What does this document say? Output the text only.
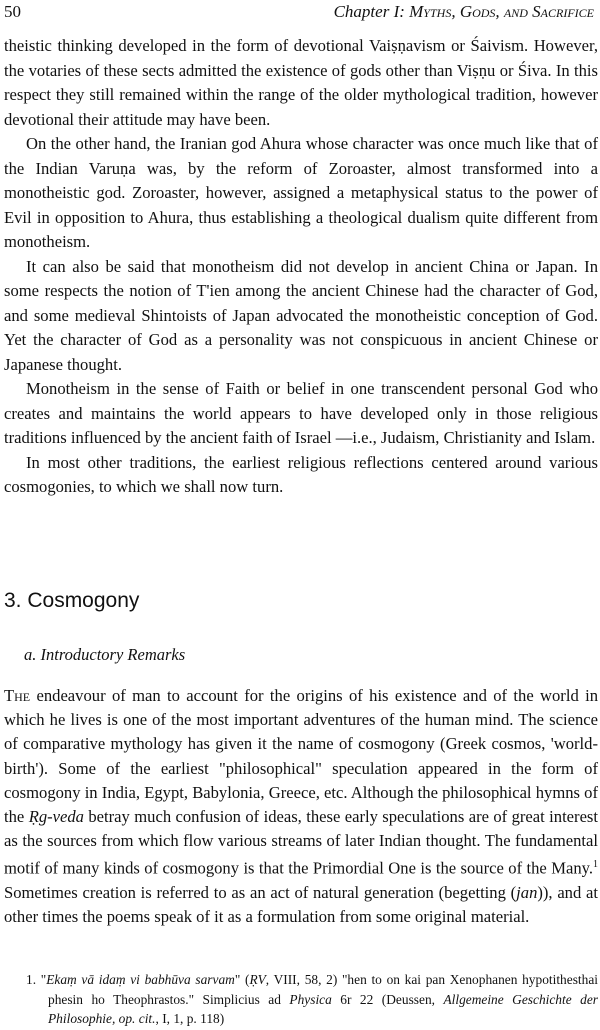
50	Chapter I: Myths, Gods, and Sacrifice

theistic thinking developed in the form of devotional Vaiṣṇavism or Śaivism. However, the votaries of these sects admitted the existence of gods other than Viṣṇu or Śiva. In this respect they still remained within the range of the older mythological tradition, however devotional their attitude may have been.

On the other hand, the Iranian god Ahura whose character was once much like that of the Indian Varuṇa was, by the reform of Zoroaster, almost transformed into a monotheistic god. Zoroaster, however, assigned a metaphysical status to the power of Evil in opposition to Ahura, thus establishing a theological dualism quite different from monotheism.

It can also be said that monotheism did not develop in ancient China or Japan. In some respects the notion of T'ien among the ancient Chinese had the character of God, and some medieval Shintoists of Japan advocated the monotheistic conception of God. Yet the character of God as a personality was not conspicuous in ancient Chinese or Japanese thought.

Monotheism in the sense of Faith or belief in one transcendent personal God who creates and maintains the world appears to have developed only in those religious traditions influenced by the ancient faith of Israel —i.e., Judaism, Christianity and Islam.

In most other traditions, the earliest religious reflections centered around various cosmogonies, to which we shall now turn.

3. Cosmogony
a. Introductory Remarks

The endeavour of man to account for the origins of his existence and of the world in which he lives is one of the most important adventures of the human mind. The science of comparative mythology has given it the name of cosmogony (Greek cosmos, 'world-birth'). Some of the earliest "philosophical" speculation appeared in the form of cosmogony in India, Egypt, Babylonia, Greece, etc. Although the philosophical hymns of the Ṛg-veda betray much confusion of ideas, these early speculations are of great interest as the sources from which flow various streams of later Indian thought. The fundamental motif of many kinds of cosmogony is that the Primordial One is the source of the Many.$^1$ Sometimes creation is referred to as an act of natural generation (begetting (jan)), and at other times the poems speak of it as a formulation from some original material.

1. "Ekaṃ vā idaṃ vi babhūva sarvam" (ṚV, VIII, 58, 2) "hen to on kai pan Xenophanen hypotithesthai phesin ho Theophrastos." Simplicius ad Physica 6r 22 (Deussen, Allgemeine Geschichte der Philosophie, op. cit., I, 1, p. 118)
